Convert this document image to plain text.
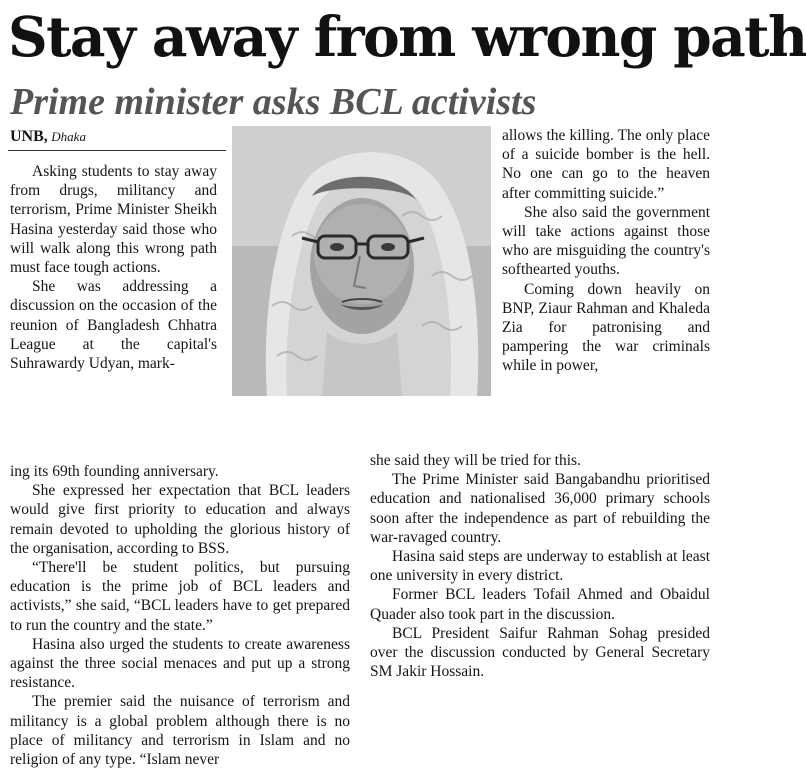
Stay away from wrong path
Prime minister asks BCL activists
UNB, Dhaka

Asking students to stay away from drugs, militancy and terrorism, Prime Minister Sheikh Hasina yesterday said those who will walk along this wrong path must face tough actions.

She was addressing a discussion on the occasion of the reunion of Bangladesh Chhatra League at the capital's Suhrawardy Udyan, mark-

ing its 69th founding anniversary.

She expressed her expectation that BCL leaders would give first priority to education and always remain devoted to upholding the glorious history of the organisation, according to BSS.

“There'll be student politics, but pursuing education is the prime job of BCL leaders and activists,” she said, “BCL leaders have to get prepared to run the country and the state.”

Hasina also urged the students to create awareness against the three social menaces and put up a strong resistance.

The premier said the nuisance of terrorism and militancy is a global problem although there is no place of militancy and terrorism in Islam and no religion of any type. “Islam never

allows the killing. The only place of a suicide bomber is the hell. No one can go to the heaven after committing suicide.”

She also said the government will take actions against those who are misguiding the country's softhearted youths.

Coming down heavily on BNP, Ziaur Rahman and Khaleda Zia for patronising and pampering the war criminals while in power,

she said they will be tried for this.

The Prime Minister said Bangabandhu prioritised education and nationalised 36,000 primary schools soon after the independence as part of rebuilding the war-ravaged country.

Hasina said steps are underway to establish at least one university in every district.

Former BCL leaders Tofail Ahmed and Obaidul Quader also took part in the discussion.

BCL President Saifur Rahman Sohag presided over the discussion conducted by General Secretary SM Jakir Hossain.
